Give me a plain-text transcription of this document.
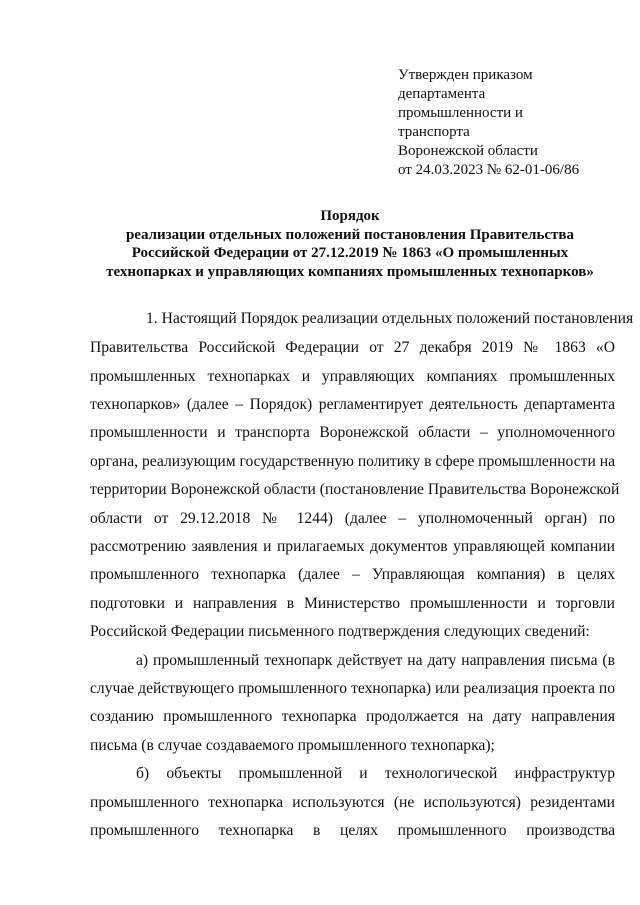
Утвержден приказом
департамента
промышленности и
транспорта
Воронежской области
от 24.03.2023 № 62-01-06/86
Порядок
реализации отдельных положений постановления Правительства
Российской Федерации от 27.12.2019 № 1863 «О промышленных
технопарках и управляющих компаниях промышленных технопарков»
1. Настоящий Порядок реализации отдельных положений постановления
Правительства Российской Федерации от 27 декабря 2019 № 1863 «О
промышленных технопарках и управляющих компаниях промышленных
технопарков» (далее – Порядок) регламентирует деятельность департамента
промышленности и транспорта Воронежской области – уполномоченного
органа, реализующим государственную политику в сфере промышленности на
территории Воронежской области (постановление Правительства Воронежской
области от 29.12.2018 № 1244) (далее – уполномоченный орган) по
рассмотрению заявления и прилагаемых документов управляющей компании
промышленного технопарка (далее – Управляющая компания) в целях
подготовки и направления в Министерство промышленности и торговли
Российской Федерации письменного подтверждения следующих сведений:
а) промышленный технопарк действует на дату направления письма (в
случае действующего промышленного технопарка) или реализация проекта по
созданию промышленного технопарка продолжается на дату направления
письма (в случае создаваемого промышленного технопарка);
б) объекты промышленной и технологической инфраструктур
промышленного технопарка используются (не используются) резидентами
промышленного технопарка в целях промышленного производства
